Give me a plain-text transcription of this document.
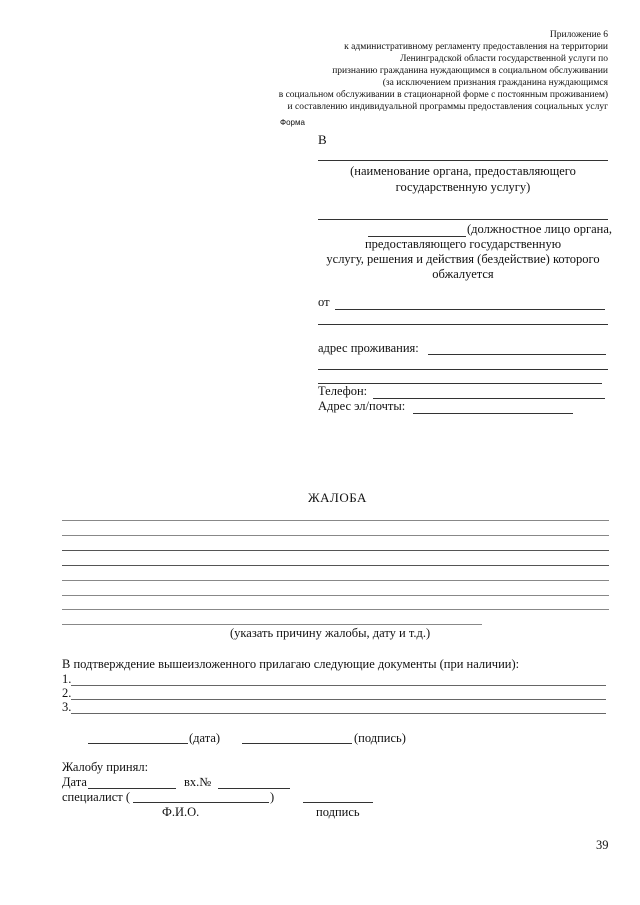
Приложение 6
к административному регламенту предоставления на территории
Ленинградской области государственной услуги по
признанию гражданина нуждающимся в социальном обслуживании
(за исключением признания гражданина нуждающимся
в социальном обслуживании в стационарной форме с постоянным проживанием)
и составлению индивидуальной программы предоставления социальных услуг
Форма
В
(наименование органа, предоставляющего
государственную услугу)
(должностное лицо органа,
предоставляющего государственную
услугу, решения и действия (бездействие) которого
обжалуется
от
адрес проживания:
Телефон:
Адрес эл/почты:
ЖАЛОБА
(указать причину жалобы, дату и т.д.)
В подтверждение вышеизложенного прилагаю следующие документы (при наличии):
1.
2.
3.
(дата)	(подпись)
Жалобу принял:
Дата	вх.№
специалист (	)
Ф.И.О.	подпись
39
